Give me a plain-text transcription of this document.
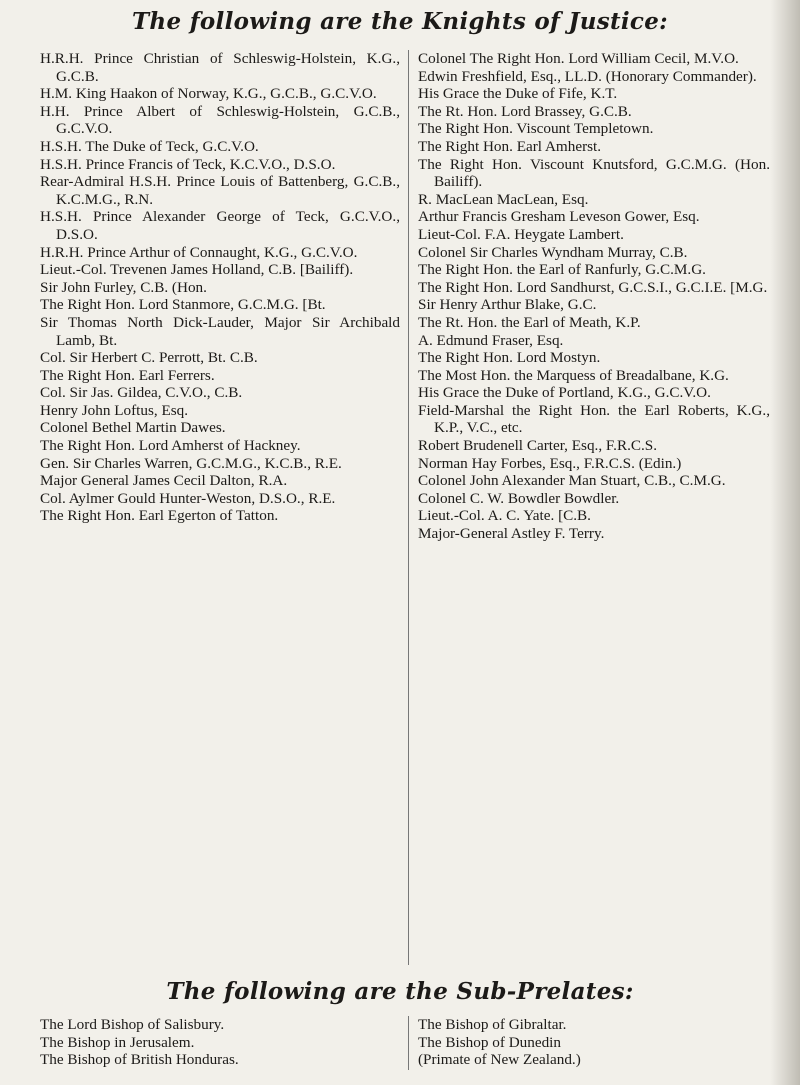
The following are the Knights of Justice:
H.R.H. Prince Christian of Schleswig-Holstein, K.G., G.C.B.
H.M. King Haakon of Norway, K.G., G.C.B., G.C.V.O.
H.H. Prince Albert of Schleswig-Holstein, G.C.B., G.C.V.O.
H.S.H. The Duke of Teck, G.C.V.O.
H.S.H. Prince Francis of Teck, K.C.V.O., D.S.O.
Rear-Admiral H.S.H. Prince Louis of Battenberg, G.C.B., K.C.M.G., R.N.
H.S.H. Prince Alexander George of Teck, G.C.V.O., D.S.O.
H.R.H. Prince Arthur of Connaught, K.G., G.C.V.O.
Lieut.-Col. Trevenen James Holland, C.B. [Bailiff).
Sir John Furley, C.B. (Hon.
The Right Hon. Lord Stanmore, G.C.M.G. [Bt.
Sir Thomas North Dick-Lauder, Major Sir Archibald Lamb, Bt.
Col. Sir Herbert C. Perrott, Bt. C.B.
The Right Hon. Earl Ferrers.
Col. Sir Jas. Gildea, C.V.O., C.B.
Henry John Loftus, Esq.
Colonel Bethel Martin Dawes.
The Right Hon. Lord Amherst of Hackney.
Gen. Sir Charles Warren, G.C.M.G., K.C.B., R.E.
Major General James Cecil Dalton, R.A.
Col. Aylmer Gould Hunter-Weston, D.S.O., R.E.
The Right Hon. Earl Egerton of Tatton.
Colonel The Right Hon. Lord William Cecil, M.V.O.
Edwin Freshfield, Esq., LL.D. (Honorary Commander).
His Grace the Duke of Fife, K.T.
The Rt. Hon. Lord Brassey, G.C.B.
The Right Hon. Viscount Templetown.
The Right Hon. Earl Amherst.
The Right Hon. Viscount Knutsford, G.C.M.G. (Hon. Bailiff).
R. MacLean MacLean, Esq.
Arthur Francis Gresham Leveson Gower, Esq.
Lieut-Col. F.A. Heygate Lambert.
Colonel Sir Charles Wyndham Murray, C.B.
The Right Hon. the Earl of Ranfurly, G.C.M.G.
The Right Hon. Lord Sandhurst, G.C.S.I., G.C.I.E. [M.G.
Sir Henry Arthur Blake, G.C.
The Rt. Hon. the Earl of Meath, K.P.
A. Edmund Fraser, Esq.
The Right Hon. Lord Mostyn.
The Most Hon. the Marquess of Breadalbane, K.G.
His Grace the Duke of Portland, K.G., G.C.V.O.
Field-Marshal the Right Hon. the Earl Roberts, K.G., K.P., V.C., etc.
Robert Brudenell Carter, Esq., F.R.C.S.
Norman Hay Forbes, Esq., F.R.C.S. (Edin.)
Colonel John Alexander Man Stuart, C.B., C.M.G.
Colonel C. W. Bowdler Bowdler.
Lieut.-Col. A. C. Yate. [C.B.
Major-General Astley F. Terry.
The following are the Sub-Prelates:
The Lord Bishop of Salisbury.
The Bishop in Jerusalem.
The Bishop of British Honduras.
The Bishop of Gibraltar.
The Bishop of Dunedin
(Primate of New Zealand.)
